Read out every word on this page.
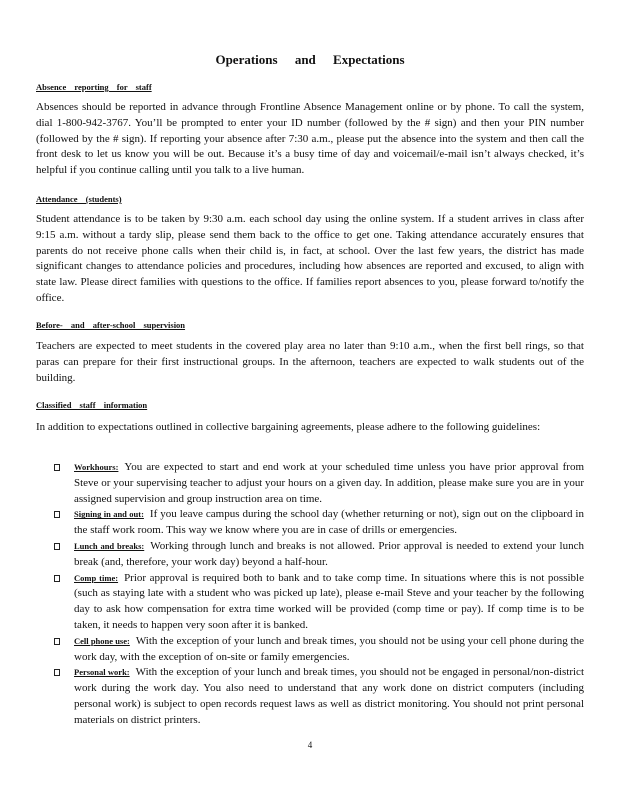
Operations and Expectations
Absence reporting for staff
Absences should be reported in advance through Frontline Absence Management online or by phone. To call the system, dial 1-800-942-3767. You’ll be prompted to enter your ID number (followed by the # sign) and then your PIN number (followed by the # sign). If reporting your absence after 7:30 a.m., please put the absence into the system and then call the front desk to let us know you will be out. Because it’s a busy time of day and voicemail/e-mail isn’t always checked, it’s helpful if you continue calling until you talk to a live human.
Attendance (students)
Student attendance is to be taken by 9:30 a.m. each school day using the online system. If a student arrives in class after 9:15 a.m. without a tardy slip, please send them back to the office to get one. Taking attendance accurately ensures that parents do not receive phone calls when their child is, in fact, at school. Over the last few years, the district has made significant changes to attendance policies and procedures, including how absences are reported and excused, to align with state law. Please direct families with questions to the office. If families report absences to you, please forward to/notify the office.
Before- and after-school supervision
Teachers are expected to meet students in the covered play area no later than 9:10 a.m., when the first bell rings, so that paras can prepare for their first instructional groups. In the afternoon, teachers are expected to walk students out of the building.
Classified staff information
In addition to expectations outlined in collective bargaining agreements, please adhere to the following guidelines:
Workhours: You are expected to start and end work at your scheduled time unless you have prior approval from Steve or your supervising teacher to adjust your hours on a given day. In addition, please make sure you are in your assigned supervision and group instruction area on time.
Signing in and out: If you leave campus during the school day (whether returning or not), sign out on the clipboard in the staff work room. This way we know where you are in case of drills or emergencies.
Lunch and breaks: Working through lunch and breaks is not allowed. Prior approval is needed to extend your lunch break (and, therefore, your work day) beyond a half-hour.
Comp time: Prior approval is required both to bank and to take comp time. In situations where this is not possible (such as staying late with a student who was picked up late), please e-mail Steve and your teacher by the following day to ask how compensation for extra time worked will be provided (comp time or pay). If comp time is to be taken, it needs to happen very soon after it is banked.
Cell phone use: With the exception of your lunch and break times, you should not be using your cell phone during the work day, with the exception of on-site or family emergencies.
Personal work: With the exception of your lunch and break times, you should not be engaged in personal/non-district work during the work day. You also need to understand that any work done on district computers (including personal work) is subject to open records request laws as well as district monitoring. You should not print personal materials on district printers.
4
